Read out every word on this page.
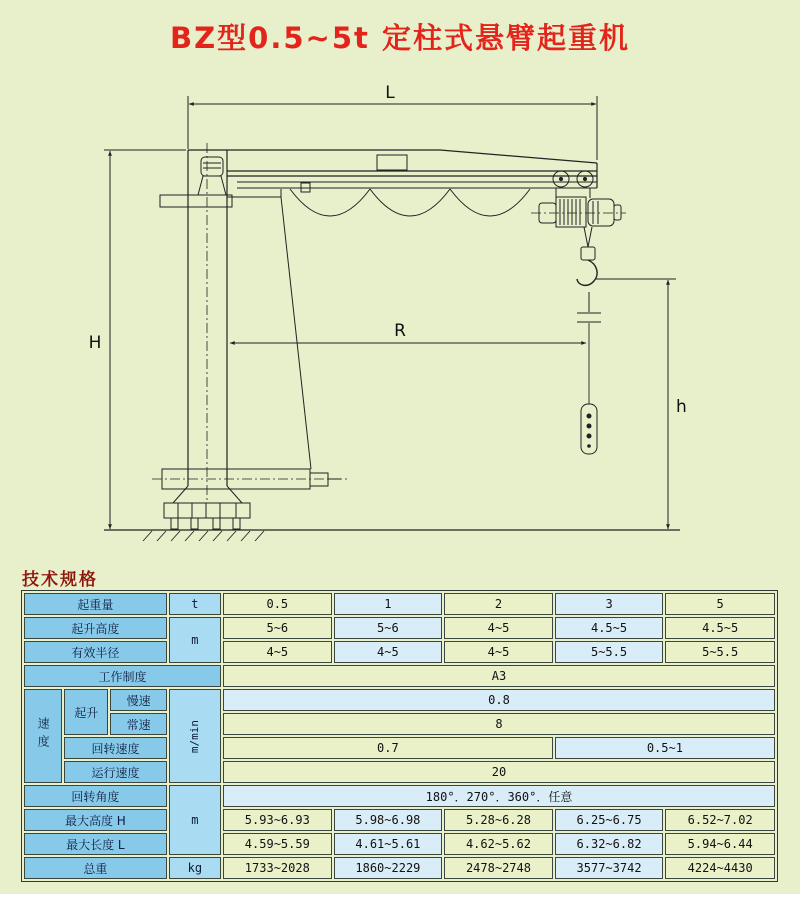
BZ型0.5~5t 定柱式悬臂起重机
L
H
R
h
技术规格
起重量			t	0.5	1	2	3	5
起升高度			m	5~6	5~6	4~5	4.5~5	4.5~5
有效半径				4~5	4~5	4~5	5~5.5	5~5.5
工作制度				A3				
速度	起升	慢速	m/min	0.8				
		常速		8				
	回转速度			0.7			0.5~1	
	运行速度			20				
回转角度			m	180°．270°．360°．任意				
最大高度 H				5.93~6.93	5.98~6.98	5.28~6.28	6.25~6.75	6.52~7.02
最大长度 L				4.59~5.59	4.61~5.61	4.62~5.62	6.32~6.82	5.94~6.44
总重			kg	1733~2028	1860~2229	2478~2748	3577~3742	4224~4430
